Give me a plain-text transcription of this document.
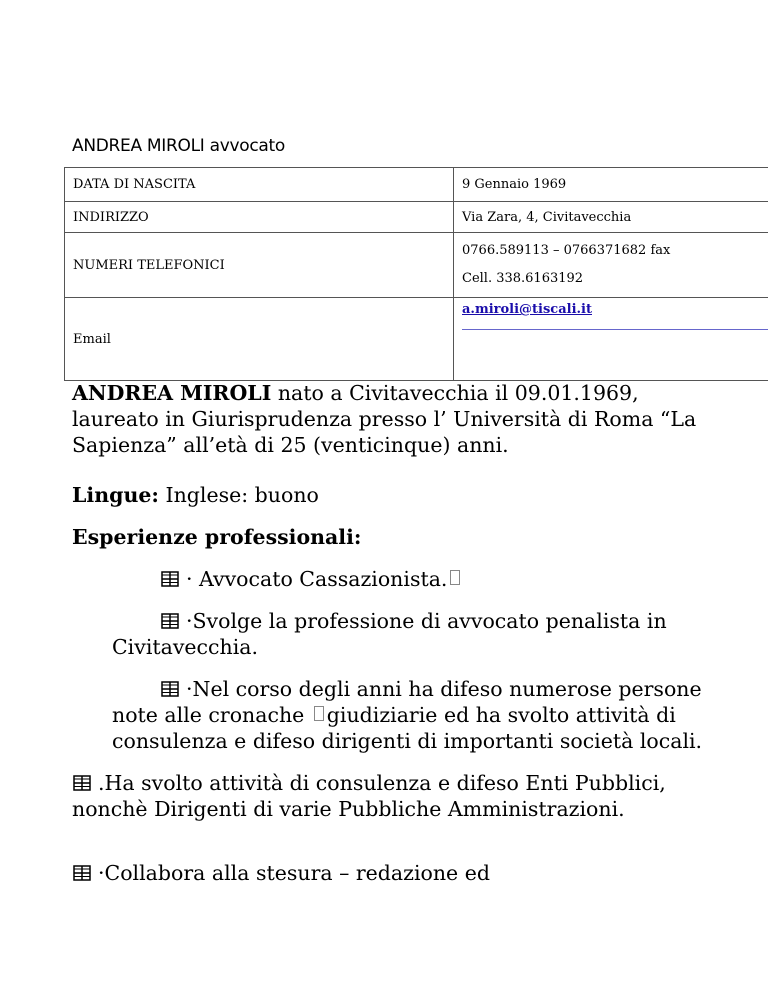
ANDREA MIROLI avvocato
DATA DI NASCITA	9 Gennaio 1969
INDIRIZZO	Via Zara, 4, Civitavecchia
NUMERI TELEFONICI	0766.589113 – 0766371682 fax
Cell. 338.6163192

Email	a.miroli@tiscali.it

ANDREA MIROLI nato a Civitavecchia il 09.01.1969, laureato in Giurisprudenza presso l’ Università di Roma “La Sapienza” all’età di 25 (venticinque) anni.

Lingue: Inglese: buono

Esperienze professionali:

· Avvocato Cassazionista.

·Svolge la professione di avvocato penalista in Civitavecchia.

·Nel corso degli anni ha difeso numerose persone note alle cronache giudiziarie ed ha svolto attività di consulenza e difeso dirigenti di importanti società locali.

.Ha svolto attività di consulenza e difeso Enti Pubblici, nonchè Dirigenti di varie Pubbliche Amministrazioni.

·Collabora alla stesura – redazione ed
